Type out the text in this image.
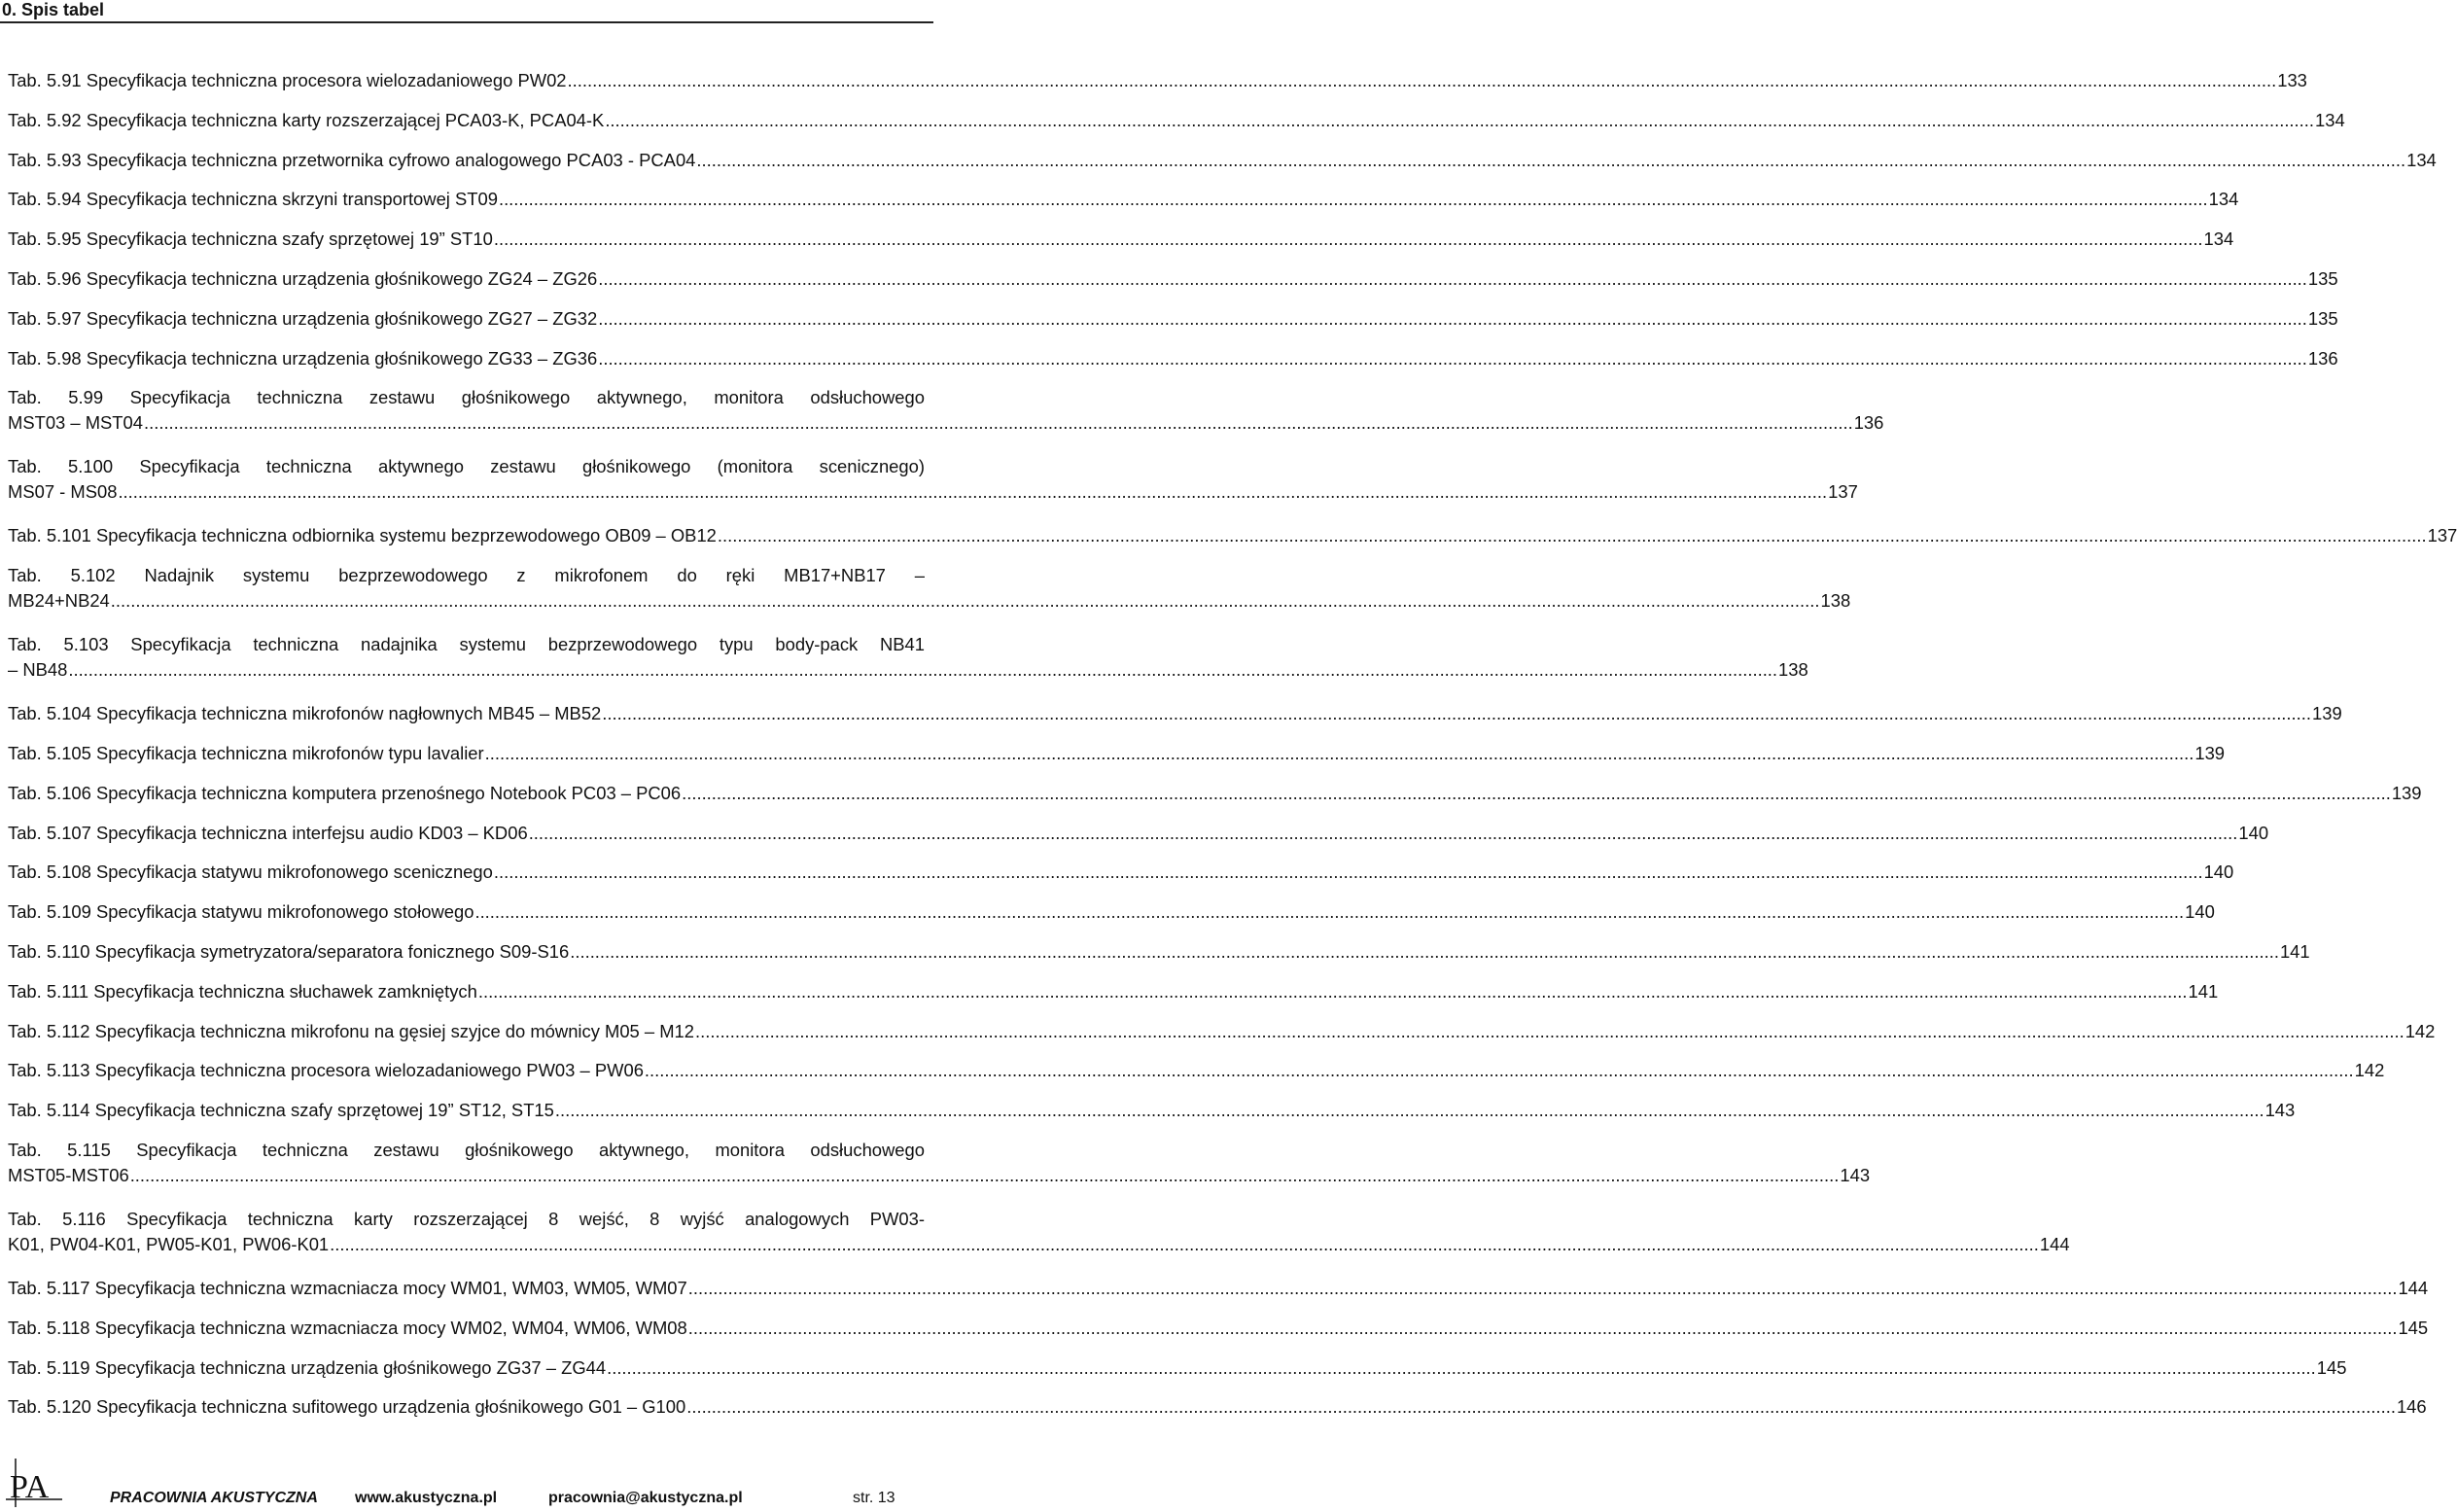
0. Spis tabel
Tab. 5.91 Specyfikacja techniczna procesora wielozadaniowego PW02 .....	133
Tab. 5.92 Specyfikacja techniczna karty rozszerzającej PCA03-K, PCA04-K .....	134
Tab. 5.93 Specyfikacja techniczna przetwornika cyfrowo analogowego PCA03 - PCA04 .....	134
Tab. 5.94 Specyfikacja techniczna skrzyni transportowej ST09 .....	134
Tab. 5.95 Specyfikacja techniczna szafy sprzętowej 19” ST10 .....	134
Tab. 5.96 Specyfikacja techniczna urządzenia głośnikowego ZG24 – ZG26 .....	135
Tab. 5.97 Specyfikacja techniczna urządzenia głośnikowego ZG27 – ZG32 .....	135
Tab. 5.98 Specyfikacja techniczna urządzenia głośnikowego ZG33 – ZG36 .....	136
Tab. 5.99 Specyfikacja techniczna zestawu głośnikowego aktywnego, monitora odsłuchowego
MST03 – MST04 .....	136
Tab. 5.100 Specyfikacja techniczna aktywnego zestawu głośnikowego (monitora scenicznego)
MS07 - MS08 .....	137
Tab. 5.101 Specyfikacja techniczna odbiornika systemu bezprzewodowego OB09 – OB12 .....	137
Tab. 5.102 Nadajnik systemu bezprzewodowego z mikrofonem do ręki MB17+NB17 –
MB24+NB24 .....	138
Tab. 5.103 Specyfikacja techniczna nadajnika systemu bezprzewodowego typu body-pack NB41
– NB48 .....	138
Tab. 5.104 Specyfikacja techniczna mikrofonów nagłownych MB45 – MB52 .....	139
Tab. 5.105 Specyfikacja techniczna mikrofonów typu lavalier .....	139
Tab. 5.106 Specyfikacja techniczna komputera przenośnego Notebook PC03 – PC06 .....	139
Tab. 5.107 Specyfikacja techniczna interfejsu audio KD03 – KD06 .....	140
Tab. 5.108 Specyfikacja statywu mikrofonowego scenicznego .....	140
Tab. 5.109 Specyfikacja statywu mikrofonowego stołowego .....	140
Tab. 5.110 Specyfikacja symetryzatora/separatora fonicznego S09-S16 .....	141
Tab. 5.111 Specyfikacja techniczna słuchawek zamkniętych .....	141
Tab. 5.112 Specyfikacja techniczna mikrofonu na gęsiej szyjce do mównicy M05 – M12 .....	142
Tab. 5.113 Specyfikacja techniczna procesora wielozadaniowego PW03 – PW06 .....	142
Tab. 5.114 Specyfikacja techniczna szafy sprzętowej 19” ST12, ST15 .....	143
Tab. 5.115 Specyfikacja techniczna zestawu głośnikowego aktywnego, monitora odsłuchowego
MST05-MST06 .....	143
Tab. 5.116 Specyfikacja techniczna karty rozszerzającej 8 wejść, 8 wyjść analogowych PW03-
K01, PW04-K01, PW05-K01, PW06-K01 .....	144
Tab. 5.117 Specyfikacja techniczna wzmacniacza mocy WM01, WM03, WM05, WM07 .....	144
Tab. 5.118 Specyfikacja techniczna wzmacniacza mocy WM02, WM04, WM06, WM08 .....	145
Tab. 5.119 Specyfikacja techniczna urządzenia głośnikowego ZG37 – ZG44 .....	145
Tab. 5.120 Specyfikacja techniczna sufitowego urządzenia głośnikowego G01 – G100 .....	146
PA	PRACOWNIA AKUSTYCZNA www.akustyczna.pl	pracownia@akustyczna.pl	str. 13
